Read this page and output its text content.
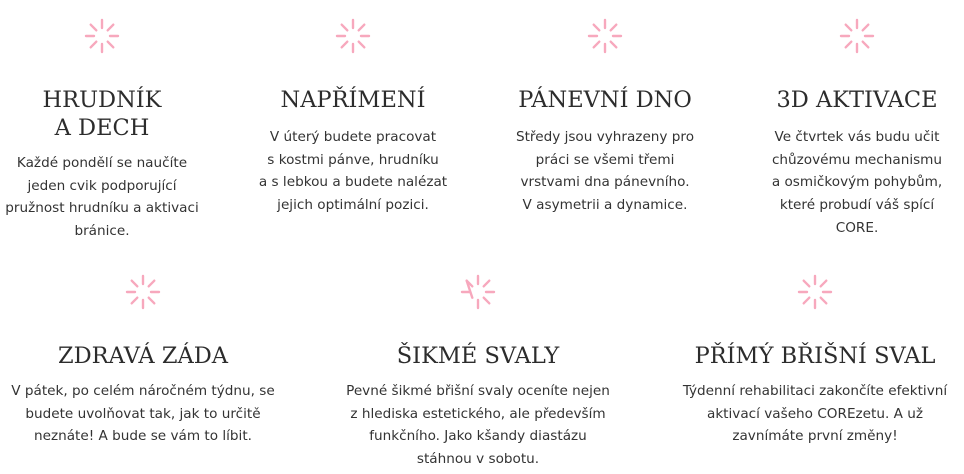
HRUDNÍK
A DECH
Každé pondělí se naučíte
jeden cvik podporující
pružnost hrudníku a aktivaci
bránice.
NAPŘÍMENÍ
V úterý budete pracovat
s kostmi pánve, hrudníku
a s lebkou a budete nalézat
jejich optimální pozici.
PÁNEVNÍ DNO
Středy jsou vyhrazeny pro
práci se všemi třemi
vrstvami dna pánevního.
V asymetrii a dynamice.
3D AKTIVACE
Ve čtvrtek vás budu učit
chůzovému mechanismu
a osmičkovým pohybům,
které probudí váš spící
CORE.
ZDRAVÁ ZÁDA
V pátek, po celém náročném týdnu, se
budete uvolňovat tak, jak to určitě
neznáte! A bude se vám to líbit.
ŠIKMÉ SVALY
Pevné šikmé břišní svaly oceníte nejen
z hlediska estetického, ale především
funkčního. Jako kšandy diastázu
stáhnou v sobotu.
PŘÍMÝ BŘIŠNÍ SVAL
Týdenní rehabilitaci zakončíte efektivní
aktivací vašeho COREzetu. A už
zavnímáte první změny!
